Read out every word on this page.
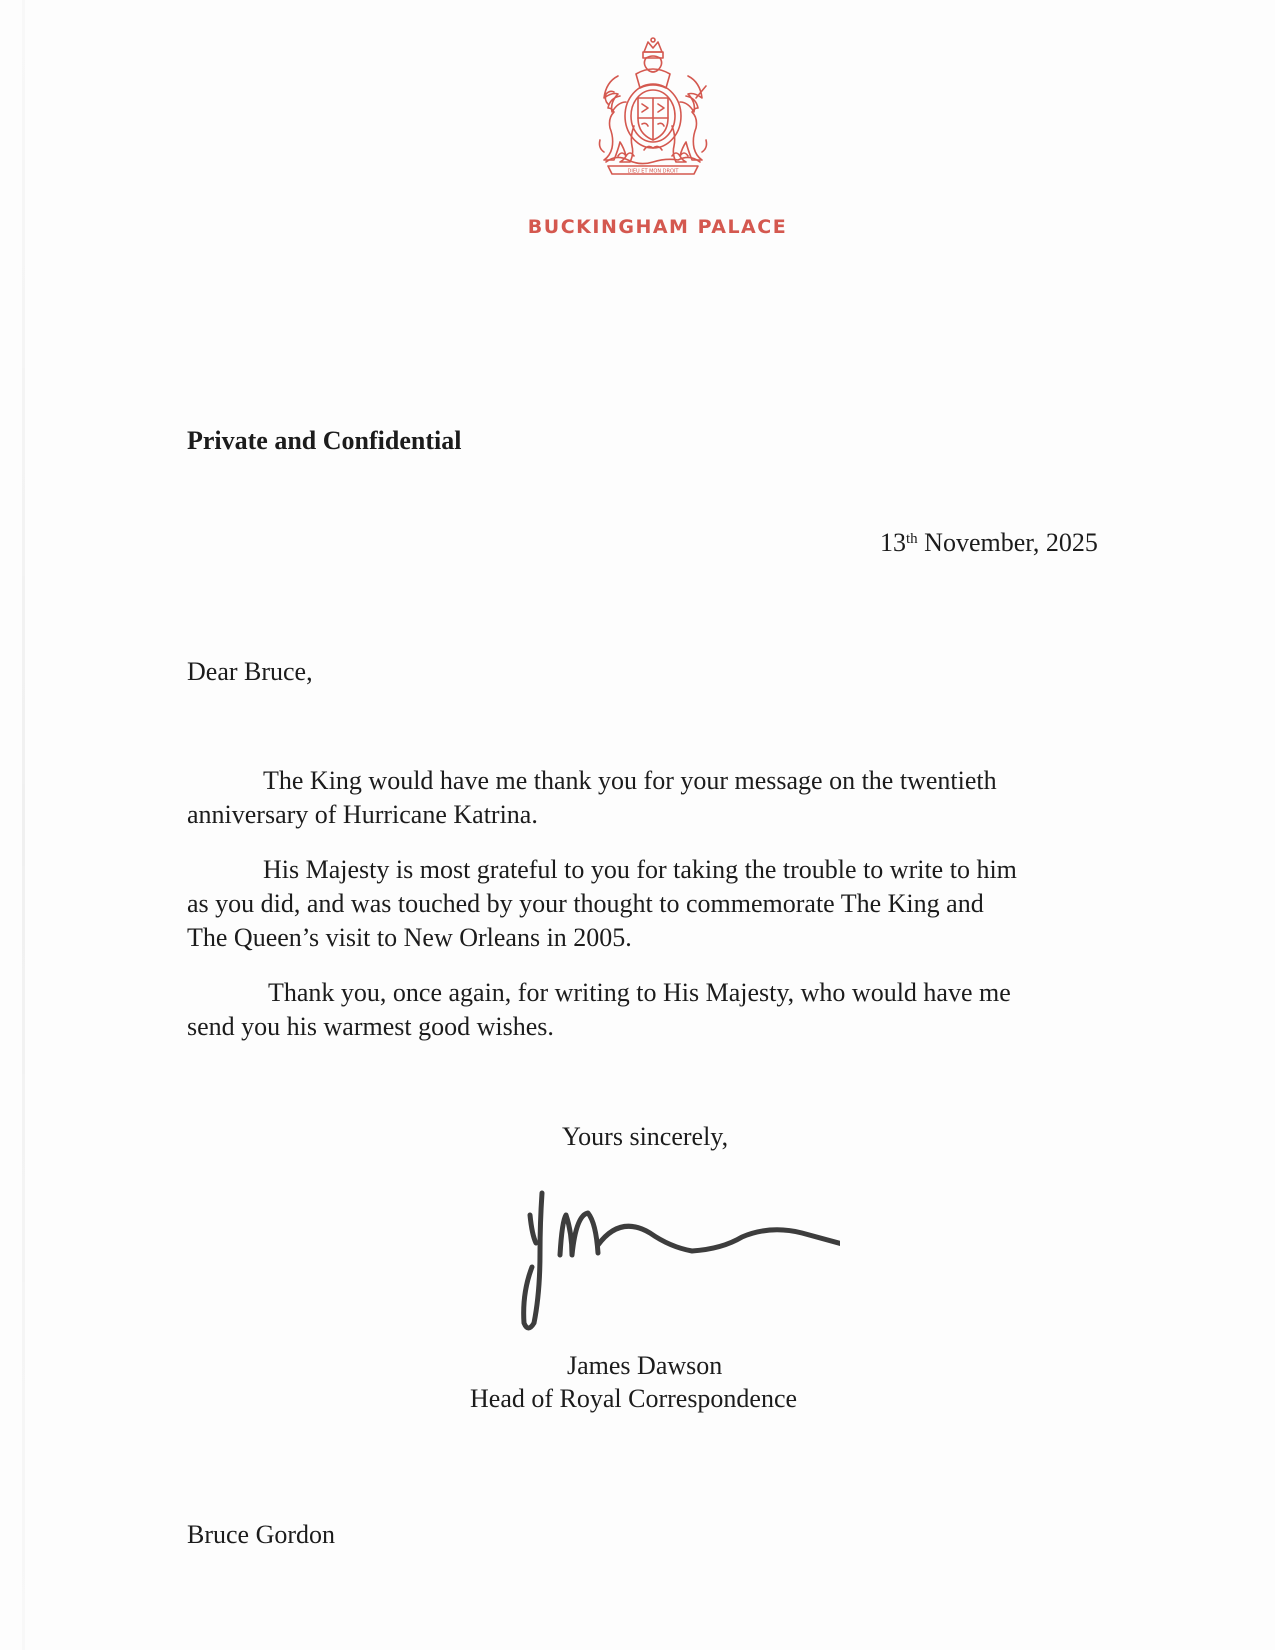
DIEU ET MON DROIT
BUCKINGHAM PALACE
Private and Confidential
13th November, 2025
Dear Bruce,
The King would have me thank you for your message on the twentieth
anniversary of Hurricane Katrina.
His Majesty is most grateful to you for taking the trouble to write to him
as you did, and was touched by your thought to commemorate The King and
The Queen’s visit to New Orleans in 2005.
Thank you, once again, for writing to His Majesty, who would have me
send you his warmest good wishes.
Yours sincerely,
James Dawson
Head of Royal Correspondence
Bruce Gordon
